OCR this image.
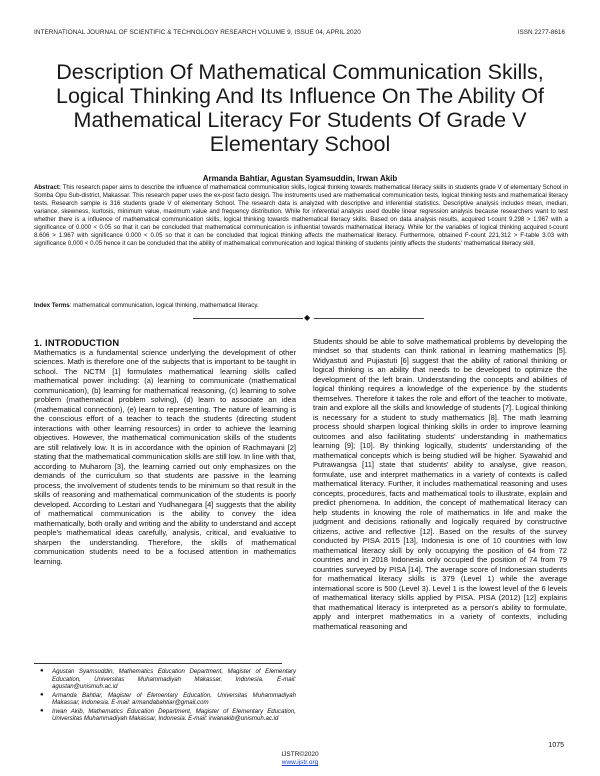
INTERNATIONAL JOURNAL OF SCIENTIFIC & TECHNOLOGY RESEARCH VOLUME 9, ISSUE 04, APRIL 2020	ISSN 2277-8616
Description Of Mathematical Communication Skills, Logical Thinking And Its Influence On The Ability Of Mathematical Literacy For Students Of Grade V Elementary School
Armanda Bahtiar, Agustan Syamsuddin, Irwan Akib
Abstract: This research paper aims to describe the influence of mathematical communication skills, logical thinking towards mathematical literacy skills in students grade V of elementary School in Somba Opu Sub-district, Makassar. This research paper uses the ex-post facto design. The instruments used are mathematical communication tests, logical thinking tests and mathematical literacy tests. Research sample is 316 students grade V of elementary School. The research data is analyzed with descriptive and inferential statistics. Descriptive analysis includes mean, median, variance, skewness, kurtosis, minimum value, maximum value and frequency distribution. While for inferential analysis used double linear regression analysis because researchers want to test whether there is a influence of mathematical communication skills, logical thinking towards mathematical literacy skills. Based on data analysis results, acquired t-count 9.298 > 1.967 with a significance of 0.000 < 0.05 so that it can be concluded that mathematical communication is influential towards mathematical literacy. While for the variables of logical thinking acquired t-count 8.606 > 1.967 with significance 0.000 < 0.05 so that it can be concluded that logical thinking affects the mathematical literacy. Furthermore, obtained F-count 221,312 > F-table 3.03 with significance 0,000 < 0.05 hence it can be concluded that the ability of mathematical communication and logical thinking of students jointly affects the students' mathematical literacy skill.
Index Terms: mathematical communication, logical thinking, mathematical literacy.
◆
1. INTRODUCTION

Mathematics is a fundamental science underlying the development of other sciences. Math is therefore one of the subjects that is important to be taught in school. The NCTM [1] formulates mathematical learning skills called mathematical power including: (a) learning to communicate (mathematical communication), (b) learning for mathematical reasoning, (c) learning to solve problem (mathematical problem solving), (d) learn to associate an idea (mathematical connection), (e) learn to representing. The nature of learning is the conscious effort of a teacher to teach the students (directing student interactions with other learning resources) in order to achieve the learning objectives. However, the mathematical communication skills of the students are still relatively low. It is in accordance with the opinion of Rachmayani [2] stating that the mathematical communication skills are still low. In line with that, according to Muharom [3], the learning carried out only emphasizes on the demands of the curriculum so that students are passive in the learning process, the involvement of students tends to be minimum so that result in the skills of reasoning and mathematical communication of the students is poorly developed. According to Lestari and Yudhanegara [4] suggests that the ability of mathematical communication is the ability to convey the idea mathematically, both orally and writing and the ability to understand and accept people's mathematical ideas carefully, analysis, critical, and evaluative to sharpen the understanding. Therefore, the skills of mathematical communication students need to be a focused attention in mathematics learning.

Students should be able to solve mathematical problems by developing the mindset so that students can think rational in learning mathematics [5]. Widyastuti and Pujiastuti [6] suggest that the ability of rational thinking or logical thinking is an ability that needs to be developed to optimize the development of the left brain. Understanding the concepts and abilities of logical thinking requires a knowledge of the experience by the students themselves. Therefore it takes the role and effort of the teacher to motivate, train and explore all the skills and knowledge of students [7]. Logical thinking is necessary for a student to study mathematics [8]. The math learning process should sharpen logical thinking skills in order to improve learning outcomes and also facilitating students' understanding in mathematics learning [9]; [10]. By thinking logically, students' understanding of the mathematical concepts which is being studied will be higher. Syawahid and Putrawangsa [11] state that students' ability to analyse, give reason, formulate, use and interpret mathematics in a variety of contexts is called mathematical literacy. Further, it includes mathematical reasoning and uses concepts, procedures, facts and mathematical tools to illustrate, explain and predict phenomena. In addition, the concept of mathematical literacy can help students in knowing the role of mathematics in life and make the judgment and decisions rationally and logically required by constructive citizens, active and reflective [12]. Based on the results of the survey conducted by PISA 2015 [13], Indonesia is one of 10 countries with low mathematical literacy skill by only occupying the position of 64 from 72 countries and in 2018 Indonesia only occupied the position of 74 from 79 countries surveyed by PISA [14]. The average score of Indonesian students for mathematical literacy skills is 379 (Level 1) while the average international score is 500 (Level 3). Level 1 is the lowest level of the 6 levels of mathematical literacy skills applied by PISA. PISA (2012) [12] explains that mathematical literacy is interpreted as a person's ability to formulate, apply and interpret mathematics in a variety of contexts, including mathematical reasoning and

● Agustan Syamsuddin, Mathematics Education Department, Magister of Elementary Education, Universitas Muhammadiyah Makassar, Indonesia. E-mail: agustan@unismuh.ac.id
● Armanda Bahtiar, Magister of Elementary Education, Universitas Muhammadiyah Makassar, Indonesia. E-mail: armandabahtiar@gmail.com
● Irwan Akib, Mathematics Education Department, Magister of Elementary Education, Universitas Muhammadiyah Makassar, Indonesia. E-mail: irwanakib@unismuh.ac.id
1075
IJSTR©2020
www.ijstr.org
